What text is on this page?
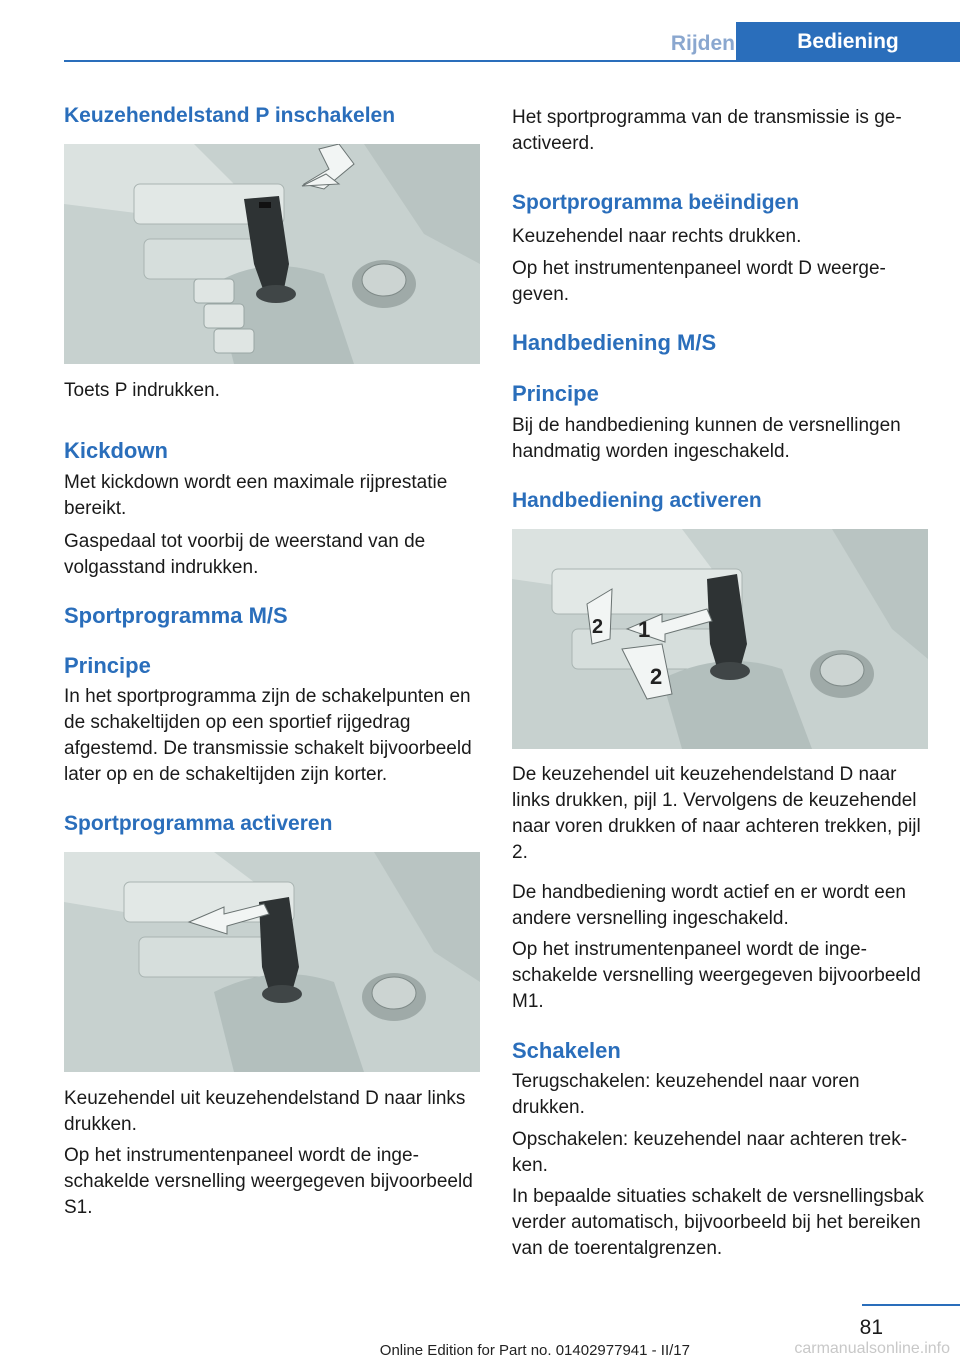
Rijden	Bediening
Keuzehendelstand P inschakelen
Toets P indrukken.
Kickdown
Met kickdown wordt een maximale rijprestatie bereikt.
Gaspedaal tot voorbij de weerstand van de volgasstand indrukken.
Sportprogramma M/S
Principe
In het sportprogramma zijn de schakelpunten en de schakeltijden op een sportief rijgedrag afgestemd. De transmissie schakelt bijvoorbeeld later op en de schakeltijden zijn korter.
Sportprogramma activeren
Keuzehendel uit keuzehendelstand D naar links drukken.
Op het instrumentenpaneel wordt de ingeschakelde versnelling weergegeven bijvoorbeeld S1.
Het sportprogramma van de transmissie is geactiveerd.
Sportprogramma beëindigen
Keuzehendel naar rechts drukken.
Op het instrumentenpaneel wordt D weergegeven.
Handbediening M/S
Principe
Bij de handbediening kunnen de versnellingen handmatig worden ingeschakeld.
Handbediening activeren
1
2
2
De keuzehendel uit keuzehendelstand D naar links drukken, pijl 1. Vervolgens de keuzehendel naar voren drukken of naar achteren trekken, pijl 2.
De handbediening wordt actief en er wordt een andere versnelling ingeschakeld.
Op het instrumentenpaneel wordt de ingeschakelde versnelling weergegeven bijvoorbeeld M1.
Schakelen
Terugschakelen: keuzehendel naar voren drukken.
Opschakelen: keuzehendel naar achteren trekken.
In bepaalde situaties schakelt de versnellingsbak verder automatisch, bijvoorbeeld bij het bereiken van de toerentalgrenzen.
81
Online Edition for Part no. 01402977941 - II/17	carmanualsonline.info
